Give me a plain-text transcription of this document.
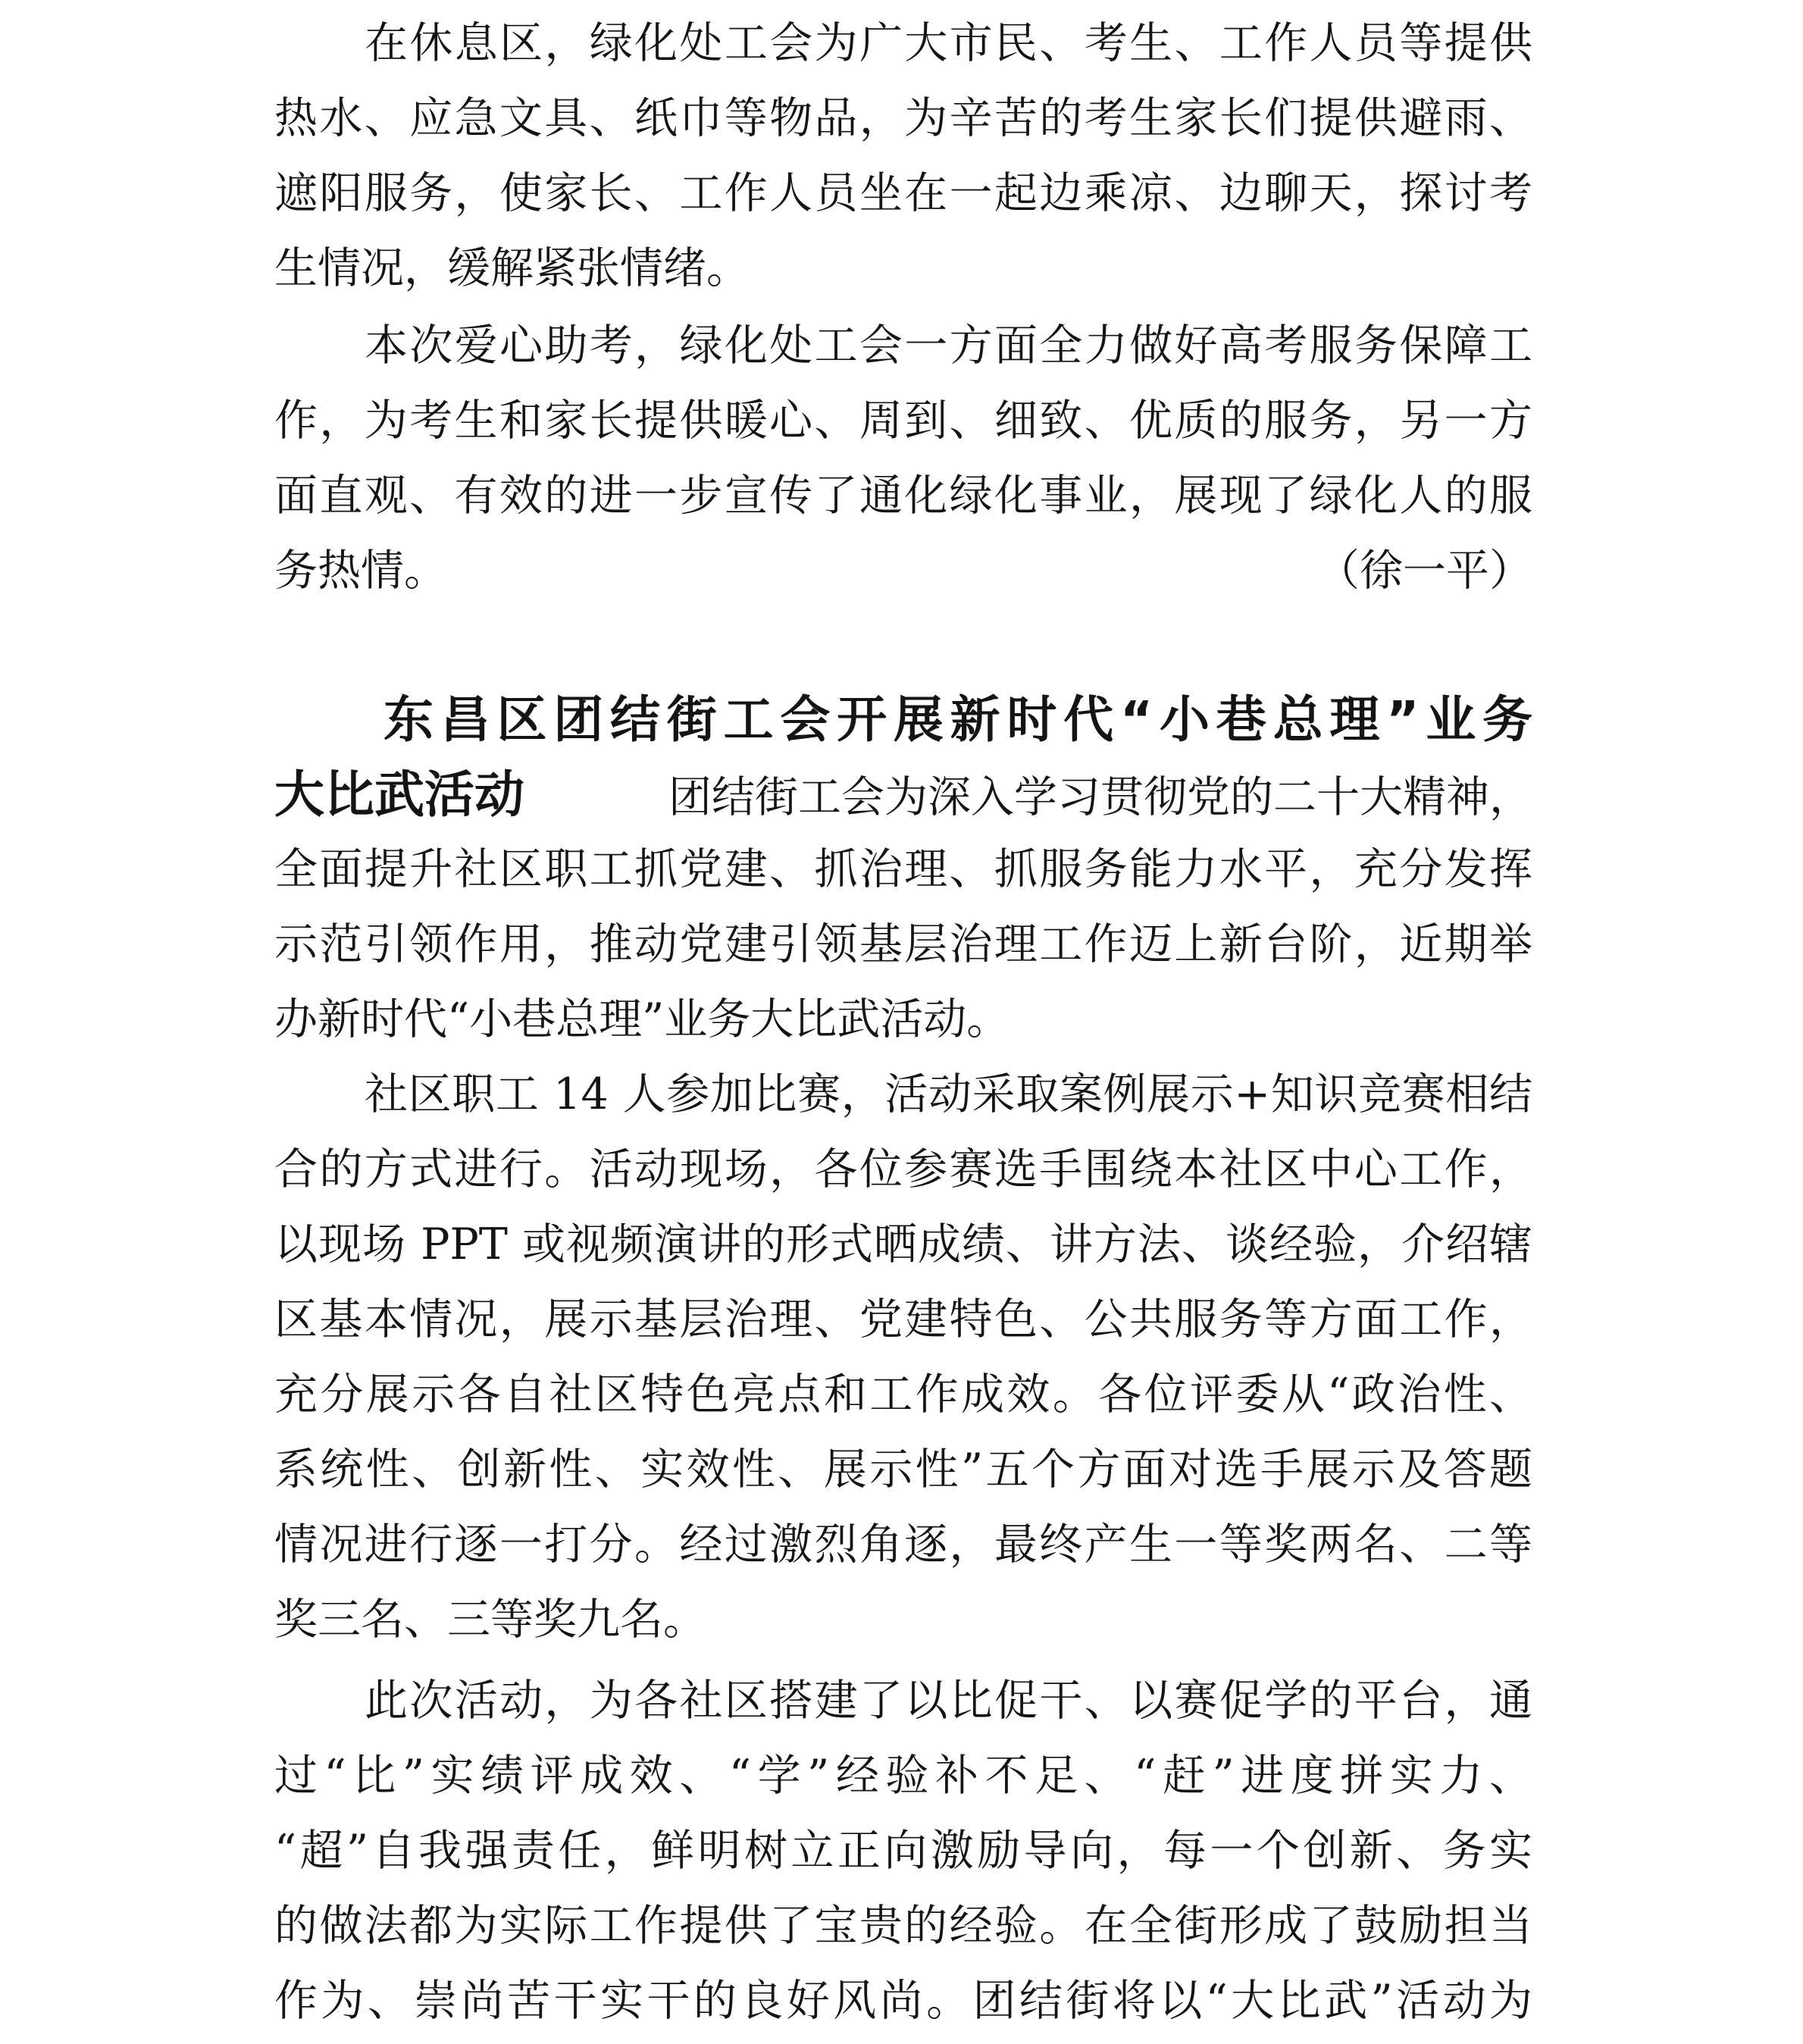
在休息区，绿化处工会为广大市民、考生、工作人员等提供
热水、应急文具、纸巾等物品，为辛苦的考生家长们提供避雨、
遮阳服务，使家长、工作人员坐在一起边乘凉、边聊天，探讨考
生情况，缓解紧张情绪。
本次爱心助考，绿化处工会一方面全力做好高考服务保障工
作，为考生和家长提供暖心、周到、细致、优质的服务，另一方
面直观、有效的进一步宣传了通化绿化事业，展现了绿化人的服
务热情。	（徐一平）
东昌区团结街工会开展新时代“小巷总理”业务
大比武活动	团结街工会为深入学习贯彻党的二十大精神，
全面提升社区职工抓党建、抓治理、抓服务能力水平，充分发挥
示范引领作用，推动党建引领基层治理工作迈上新台阶，近期举
办新时代“小巷总理”业务大比武活动。
社区职工 14 人参加比赛，活动采取案例展示+知识竞赛相结
合的方式进行。活动现场，各位参赛选手围绕本社区中心工作，
以现场 PPT 或视频演讲的形式晒成绩、讲方法、谈经验，介绍辖
区基本情况，展示基层治理、党建特色、公共服务等方面工作，
充分展示各自社区特色亮点和工作成效。各位评委从“政治性、
系统性、创新性、实效性、展示性”五个方面对选手展示及答题
情况进行逐一打分。经过激烈角逐，最终产生一等奖两名、二等
奖三名、三等奖九名。
此次活动，为各社区搭建了以比促干、以赛促学的平台，通
过“比”实绩评成效、“学”经验补不足、“赶”进度拼实力、
“超”自我强责任，鲜明树立正向激励导向，每一个创新、务实
的做法都为实际工作提供了宝贵的经验。在全街形成了鼓励担当
作为、崇尚苦干实干的良好风尚。团结街将以“大比武”活动为
